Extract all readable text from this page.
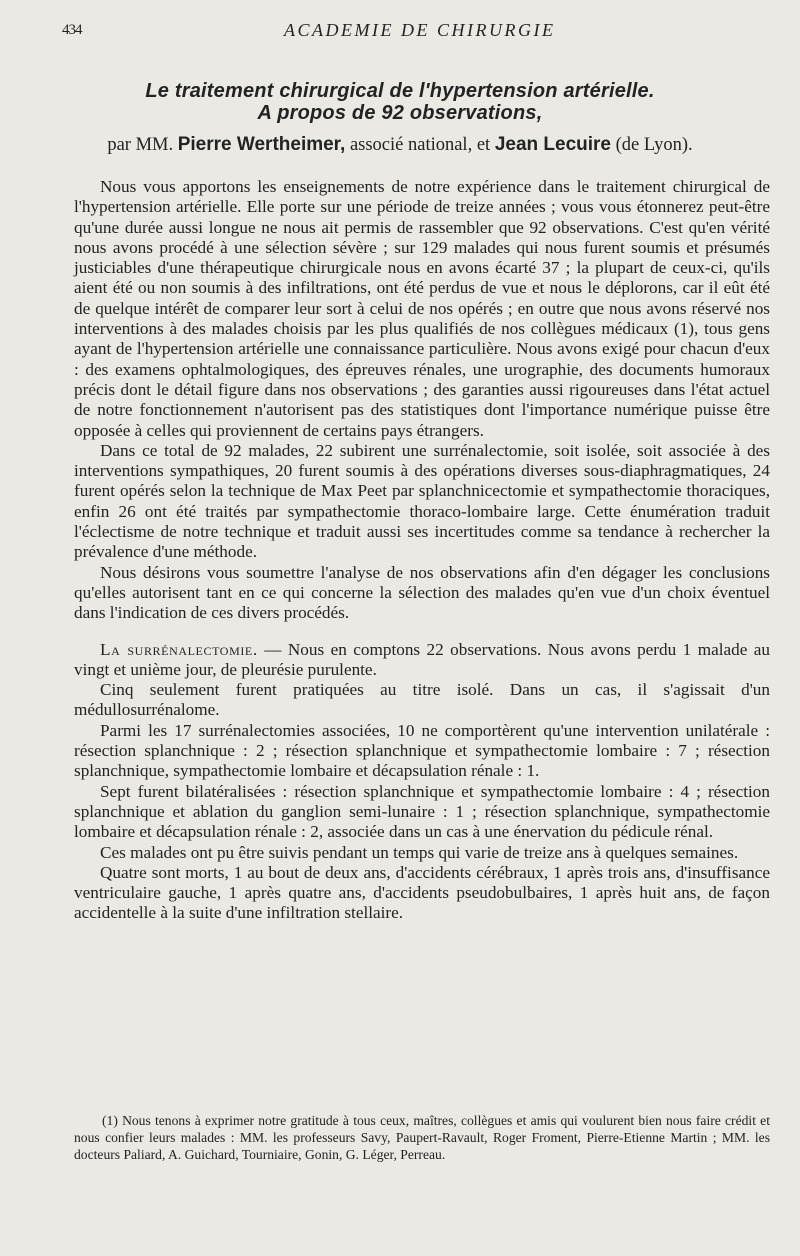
434	ACADEMIE DE CHIRURGIE
Le traitement chirurgical de l'hypertension artérielle.
A propos de 92 observations,
par MM. Pierre Wertheimer, associé national, et Jean Lecuire (de Lyon).

Nous vous apportons les enseignements de notre expérience dans le traitement chirurgical de l'hypertension artérielle. Elle porte sur une période de treize années ; vous vous étonnerez peut-être qu'une durée aussi longue ne nous ait permis de rassembler que 92 observations. C'est qu'en vérité nous avons procédé à une sélection sévère ; sur 129 malades qui nous furent soumis et présumés justiciables d'une thérapeutique chirurgicale nous en avons écarté 37 ; la plupart de ceux-ci, qu'ils aient été ou non soumis à des infiltrations, ont été perdus de vue et nous le déplorons, car il eût été de quelque intérêt de comparer leur sort à celui de nos opérés ; en outre que nous avons réservé nos interventions à des malades choisis par les plus qualifiés de nos collègues médicaux (1), tous gens ayant de l'hypertension artérielle une connaissance particulière. Nous avons exigé pour chacun d'eux : des examens ophtalmologiques, des épreuves rénales, une urographie, des documents humoraux précis dont le détail figure dans nos observations ; des garanties aussi rigoureuses dans l'état actuel de notre fonctionnement n'autorisent pas des statistiques dont l'importance numérique puisse être opposée à celles qui proviennent de certains pays étrangers.

Dans ce total de 92 malades, 22 subirent une surrénalectomie, soit isolée, soit associée à des interventions sympathiques, 20 furent soumis à des opérations diverses sous-diaphragmatiques, 24 furent opérés selon la technique de Max Peet par splanchnicectomie et sympathectomie thoraciques, enfin 26 ont été traités par sympathectomie thoraco-lombaire large. Cette énumération traduit l'éclectisme de notre technique et traduit aussi ses incertitudes comme sa tendance à rechercher la prévalence d'une méthode.

Nous désirons vous soumettre l'analyse de nos observations afin d'en dégager les conclusions qu'elles autorisent tant en ce qui concerne la sélection des malades qu'en vue d'un choix éventuel dans l'indication de ces divers procédés.

La surrénalectomie. — Nous en comptons 22 observations. Nous avons perdu 1 malade au vingt et unième jour, de pleurésie purulente.

Cinq seulement furent pratiquées au titre isolé. Dans un cas, il s'agissait d'un médullosurrénalome.

Parmi les 17 surrénalectomies associées, 10 ne comportèrent qu'une intervention unilatérale : résection splanchnique : 2 ; résection splanchnique et sympathectomie lombaire : 7 ; résection splanchnique, sympathectomie lombaire et décapsulation rénale : 1.

Sept furent bilatéralisées : résection splanchnique et sympathectomie lombaire : 4 ; résection splanchnique et ablation du ganglion semi-lunaire : 1 ; résection splanchnique, sympathectomie lombaire et décapsulation rénale : 2, associée dans un cas à une énervation du pédicule rénal.

Ces malades ont pu être suivis pendant un temps qui varie de treize ans à quelques semaines.

Quatre sont morts, 1 au bout de deux ans, d'accidents cérébraux, 1 après trois ans, d'insuffisance ventriculaire gauche, 1 après quatre ans, d'accidents pseudobulbaires, 1 après huit ans, de façon accidentelle à la suite d'une infiltration stellaire.

(1) Nous tenons à exprimer notre gratitude à tous ceux, maîtres, collègues et amis qui voulurent bien nous faire crédit et nous confier leurs malades : MM. les professeurs Savy, Paupert-Ravault, Roger Froment, Pierre-Etienne Martin ; MM. les docteurs Paliard, A. Guichard, Tourniaire, Gonin, G. Léger, Perreau.
